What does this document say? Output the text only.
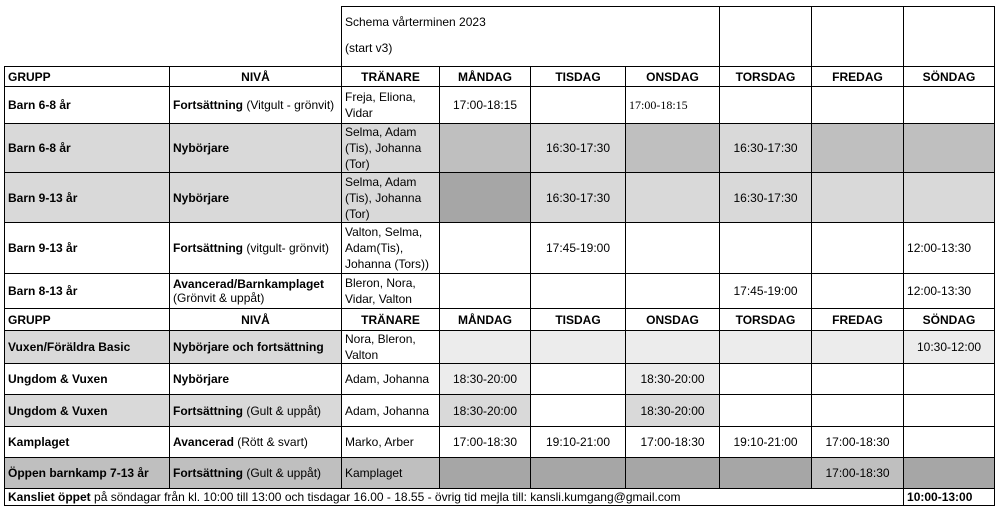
		Schema vårterminen 2023
(start v3)						

GRUPP	NIVÅ	TRÄNARE	MÅNDAG	TISDAG	ONSDAG	TORSDAG	FREDAG	SÖNDAG
Barn 6-8 år	Fortsättning (Vitgult - grönvit)	Freja, Eliona, Vidar	17:00-18:15		17:00-18:15			
Barn 6-8 år	Nybörjare	Selma, Adam (Tis), Johanna (Tor)		16:30-17:30		16:30-17:30		
Barn 9-13 år	Nybörjare	Selma, Adam (Tis), Johanna (Tor)		16:30-17:30		16:30-17:30		
Barn 9-13 år	Fortsättning (vitgult- grönvit)	Valton, Selma, Adam(Tis), Johanna (Tors))		17:45-19:00				12:00-13:30
Barn 8-13 år	Avancerad/Barnkamplaget
(Grönvit & uppåt)	Bleron, Nora, Vidar, Valton				17:45-19:00		12:00-13:30
GRUPP	NIVÅ	TRÄNARE	MÅNDAG	TISDAG	ONSDAG	TORSDAG	FREDAG	SÖNDAG
Vuxen/Föräldra Basic	Nybörjare och fortsättning	Nora, Bleron, Valton						10:30-12:00
Ungdom & Vuxen	Nybörjare	Adam, Johanna	18:30-20:00		18:30-20:00			
Ungdom & Vuxen	Fortsättning (Gult & uppåt)	Adam, Johanna	18:30-20:00		18:30-20:00			
Kamplaget	Avancerad (Rött & svart)	Marko, Arber	17:00-18:30	19:10-21:00	17:00-18:30	19:10-21:00	17:00-18:30	
Öppen barnkamp 7-13 år	Fortsättning (Gult & uppåt)	Kamplaget					17:00-18:30	
Kansliet öppet på söndagar från kl. 10:00 till 13:00 och tisdagar 16.00 - 18.55 - övrig tid mejla till: kansli.kumgang@gmail.com								10:00-13:00
